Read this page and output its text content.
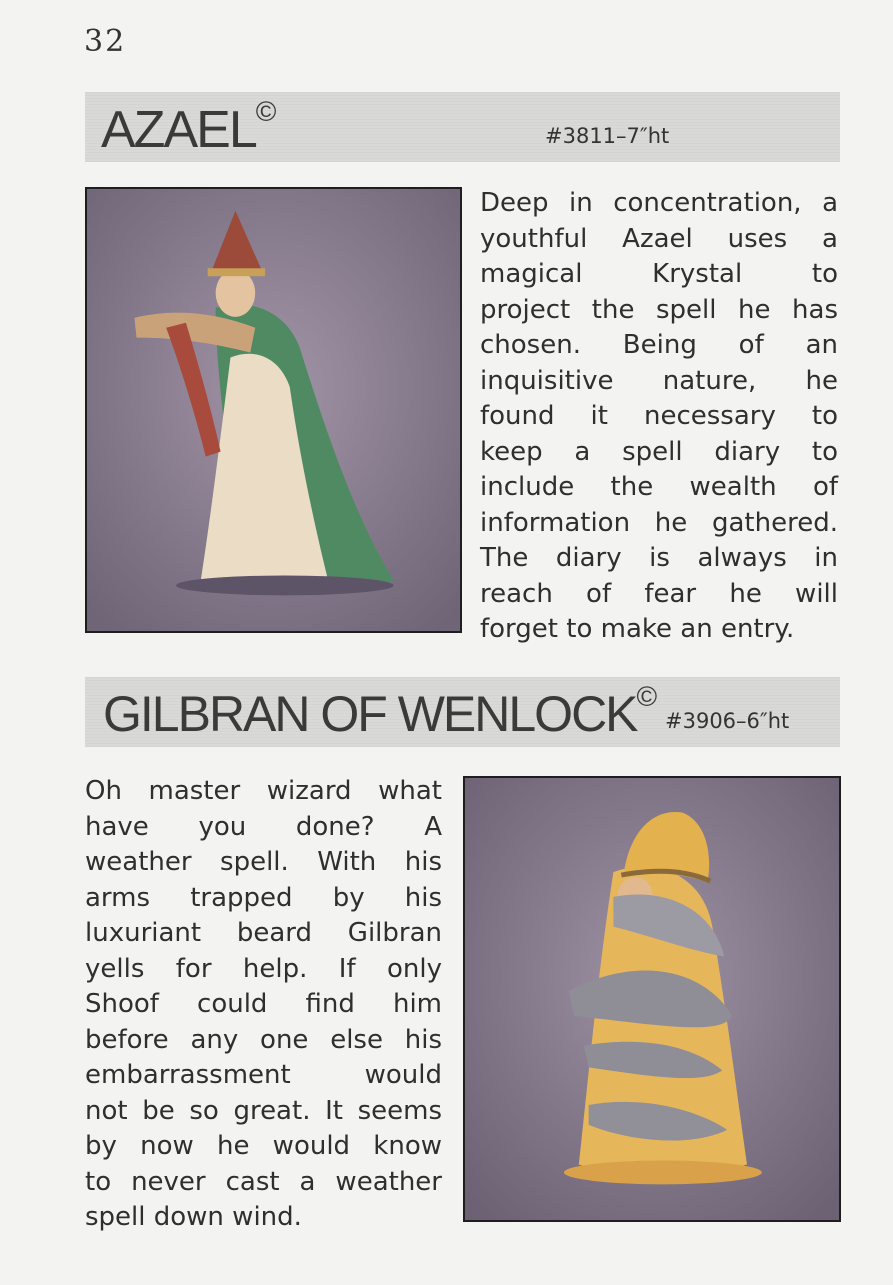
32
AZAEL©
#3811–7″ht
Deep in concentration, a
youthful Azael uses a
magical Krystal to
project the spell he has
chosen. Being of an
inquisitive nature, he
found it necessary to
keep a spell diary to
include the wealth of
information he gathered.
The diary is always in
reach of fear he will
forget to make an entry.
GILBRAN OF WENLOCK©
#3906–6″ht
Oh master wizard what
have you done? A
weather spell. With his
arms trapped by his
luxuriant beard Gilbran
yells for help. If only
Shoof could find him
before any one else his
embarrassment would
not be so great. It seems
by now he would know
to never cast a weather
spell down wind.
